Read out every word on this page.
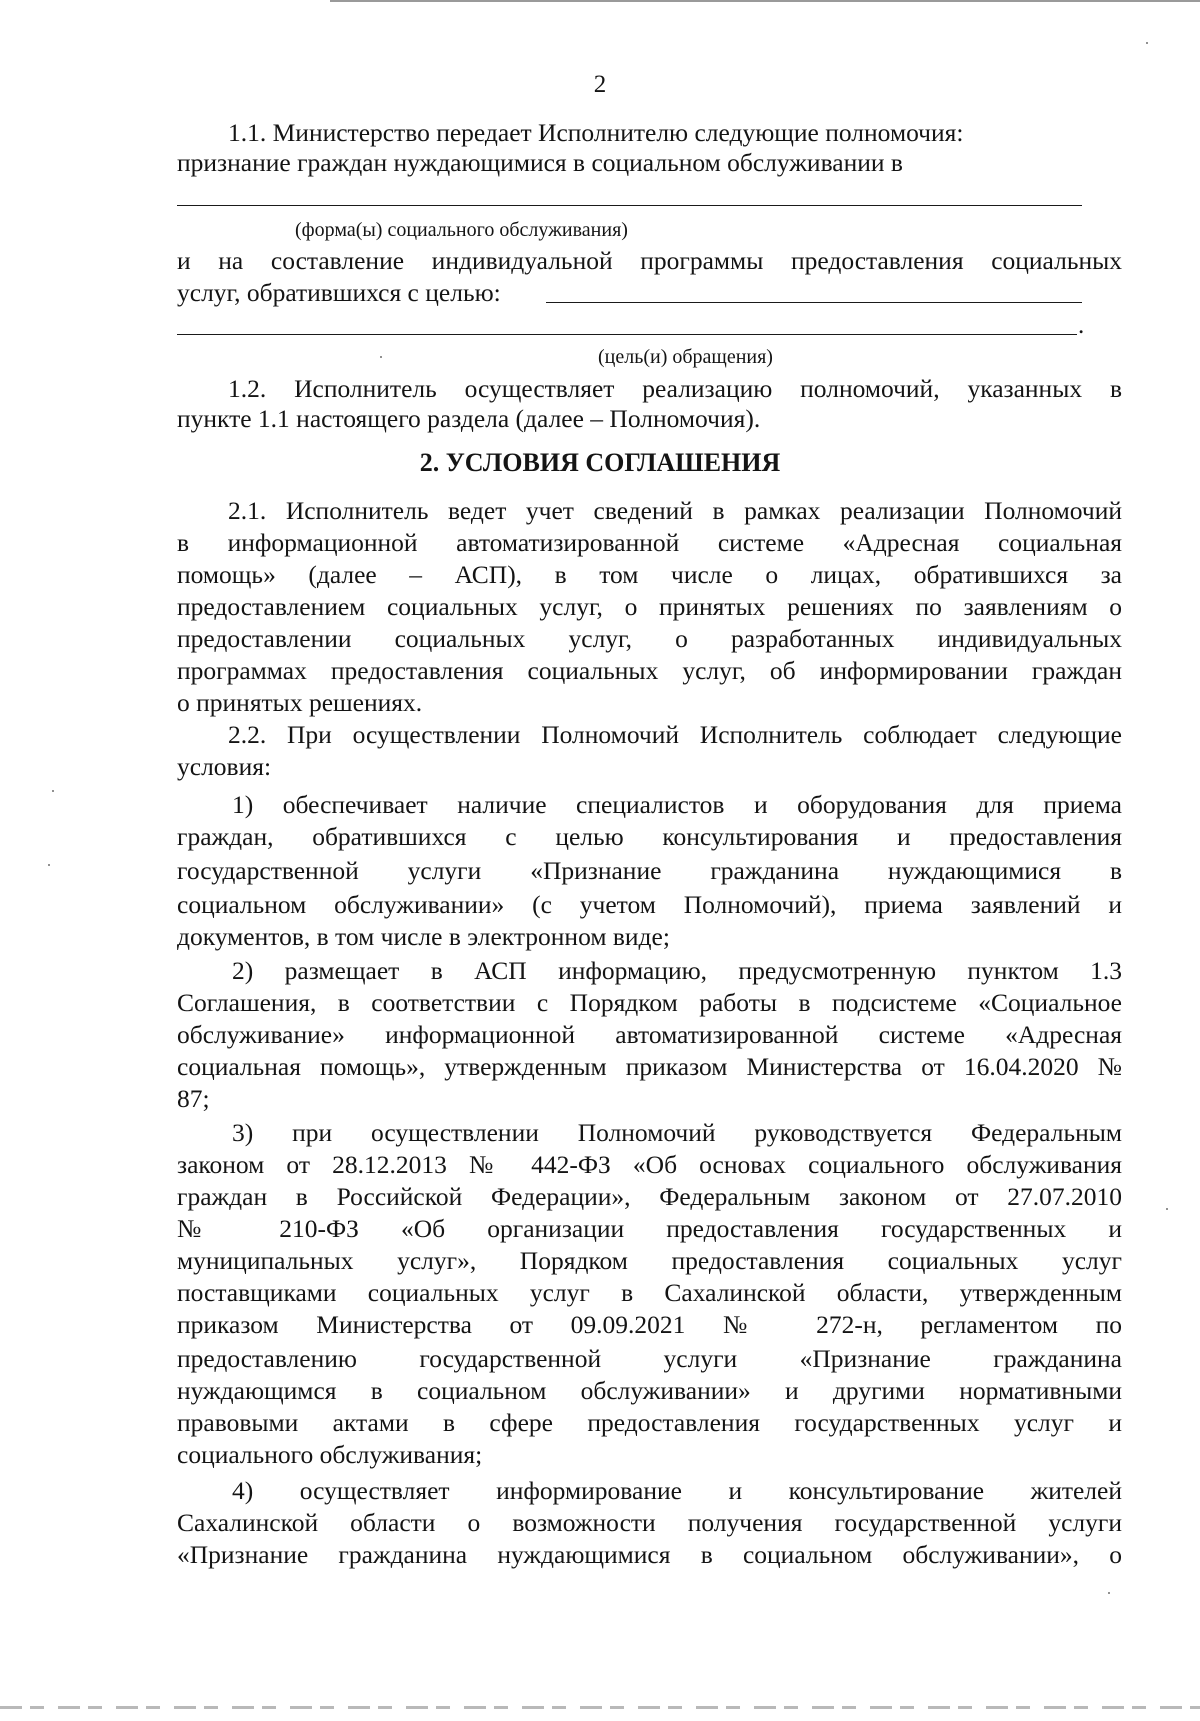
2
1.1. Министерство передает Исполнителю следующие полномочия:
признание граждан нуждающимися в социальном обслуживании в
(форма(ы) социального обслуживания)
и на составление индивидуальной программы предоставления социальных
услуг, обратившихся с целью:
.
(цель(и) обращения)
1.2. Исполнитель осуществляет реализацию полномочий, указанных в
пункте 1.1 настоящего раздела (далее – Полномочия).
2. УСЛОВИЯ СОГЛАШЕНИЯ
2.1. Исполнитель ведет учет сведений в рамках реализации Полномочий
в информационной автоматизированной системе «Адресная социальная
помощь» (далее – АСП), в том числе о лицах, обратившихся за
предоставлением социальных услуг, о принятых решениях по заявлениям о
предоставлении социальных услуг, о разработанных индивидуальных
программах предоставления социальных услуг, об информировании граждан
о принятых решениях.
2.2. При осуществлении Полномочий Исполнитель соблюдает следующие
условия:
1) обеспечивает наличие специалистов и оборудования для приема
граждан, обратившихся с целью консультирования и предоставления
государственной услуги «Признание гражданина нуждающимися в
социальном обслуживании» (с учетом Полномочий), приема заявлений и
документов, в том числе в электронном виде;
2) размещает в АСП информацию, предусмотренную пунктом 1.3
Соглашения, в соответствии с Порядком работы в подсистеме «Социальное
обслуживание» информационной автоматизированной системе «Адресная
социальная помощь», утвержденным приказом Министерства от 16.04.2020 №
87;
3) при осуществлении Полномочий руководствуется Федеральным
законом от 28.12.2013 № 442-ФЗ «Об основах социального обслуживания
граждан в Российской Федерации», Федеральным законом от 27.07.2010
№ 210-ФЗ «Об организации предоставления государственных и
муниципальных услуг», Порядком предоставления социальных услуг
поставщиками социальных услуг в Сахалинской области, утвержденным
приказом Министерства от 09.09.2021 № 272-н, регламентом по
предоставлению государственной услуги «Признание гражданина
нуждающимся в социальном обслуживании» и другими нормативными
правовыми актами в сфере предоставления государственных услуг и
социального обслуживания;
4) осуществляет информирование и консультирование жителей
Сахалинской области о возможности получения государственной услуги
«Признание гражданина нуждающимися в социальном обслуживании», о
